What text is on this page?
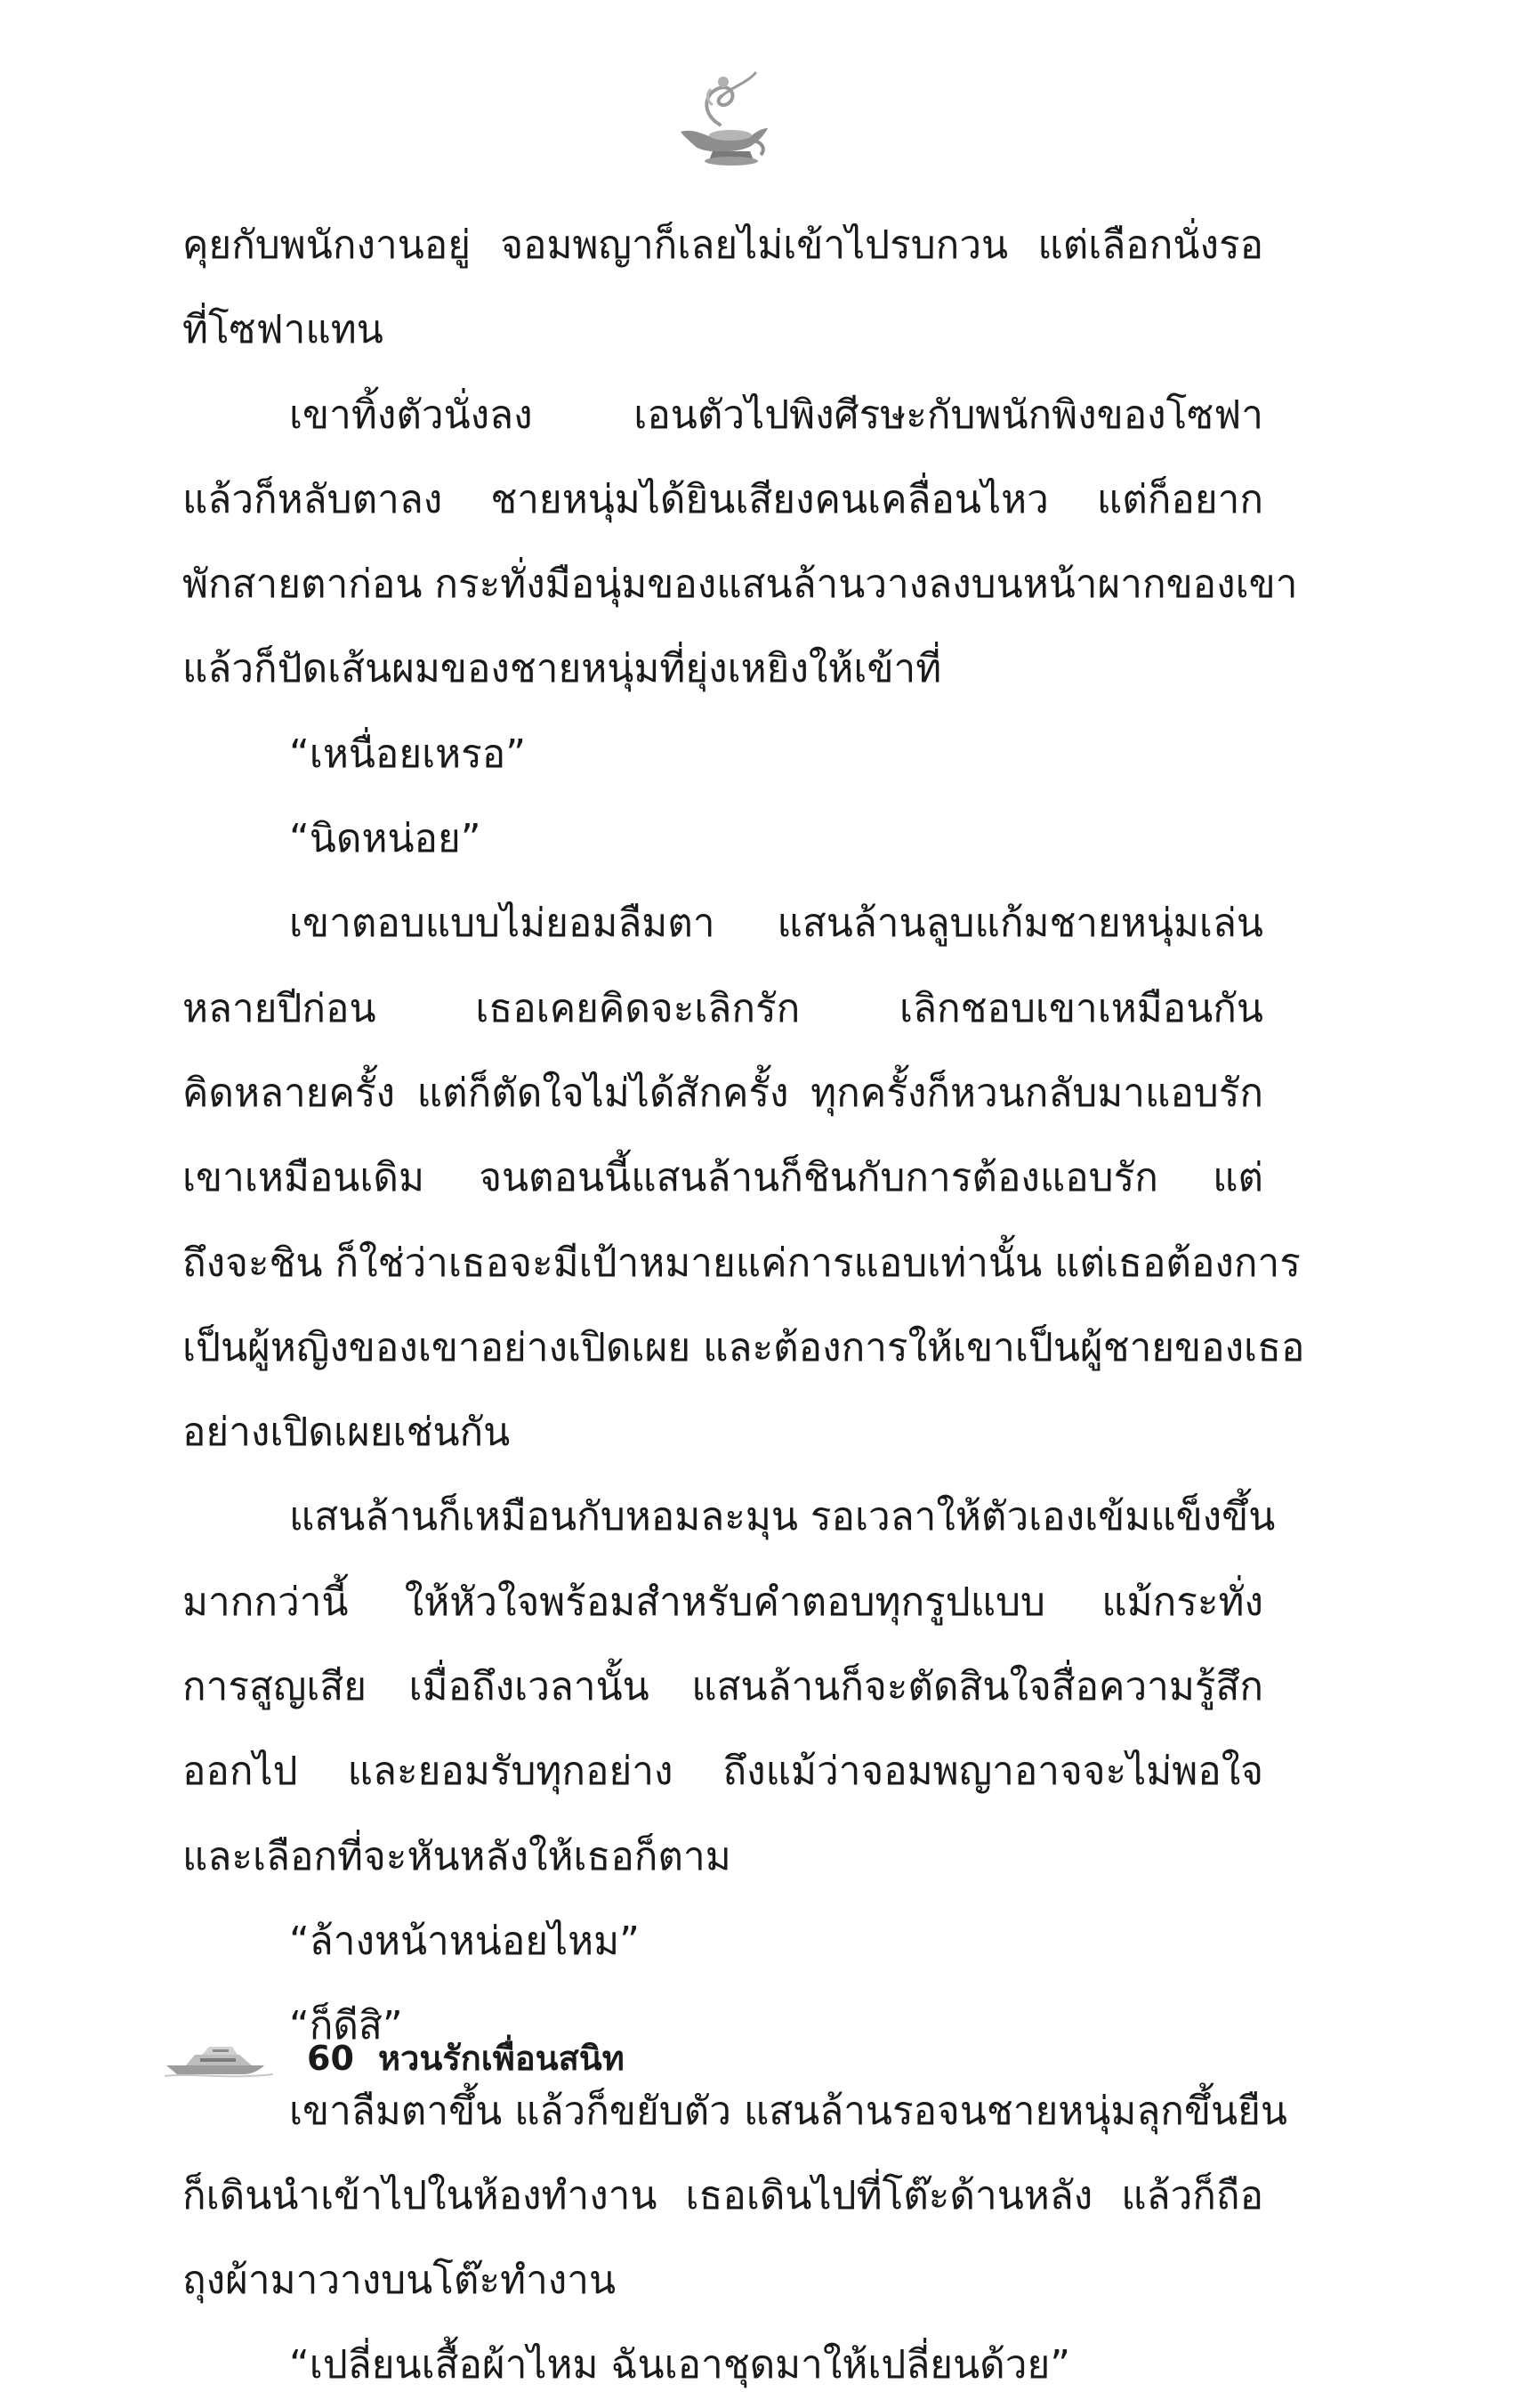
คุยกับพนักงานอยู่ จอมพญาก็เลยไม่เข้าไปรบกวน แต่เลือกนั่งรอ
ที่โซฟาแทน
เขาทิ้งตัวนั่งลง เอนตัวไปพิงศีรษะกับพนักพิงของโซฟา
แล้วก็หลับตาลง ชายหนุ่มได้ยินเสียงคนเคลื่อนไหว แต่ก็อยาก
พักสายตาก่อน กระทั่งมือนุ่มของแสนล้านวางลงบนหน้าผากของเขา
แล้วก็ปัดเส้นผมของชายหนุ่มที่ยุ่งเหยิงให้เข้าที่
“เหนื่อยเหรอ”
“นิดหน่อย”
เขาตอบแบบไม่ยอมลืมตา แสนล้านลูบแก้มชายหนุ่มเล่น
หลายปีก่อน เธอเคยคิดจะเลิกรัก เลิกชอบเขาเหมือนกัน
คิดหลายครั้ง แต่ก็ตัดใจไม่ได้สักครั้ง ทุกครั้งก็หวนกลับมาแอบรัก
เขาเหมือนเดิม จนตอนนี้แสนล้านก็ชินกับการต้องแอบรัก แต่
ถึงจะชิน ก็ใช่ว่าเธอจะมีเป้าหมายแค่การแอบเท่านั้น แต่เธอต้องการ
เป็นผู้หญิงของเขาอย่างเปิดเผย และต้องการให้เขาเป็นผู้ชายของเธอ
อย่างเปิดเผยเช่นกัน
แสนล้านก็เหมือนกับหอมละมุน รอเวลาให้ตัวเองเข้มแข็งขึ้น
มากกว่านี้ ให้หัวใจพร้อมสำหรับคำตอบทุกรูปแบบ แม้กระทั่ง
การสูญเสีย เมื่อถึงเวลานั้น แสนล้านก็จะตัดสินใจสื่อความรู้สึก
ออกไป และยอมรับทุกอย่าง ถึงแม้ว่าจอมพญาอาจจะไม่พอใจ
และเลือกที่จะหันหลังให้เธอก็ตาม
“ล้างหน้าหน่อยไหม”
“ก็ดีสิ”
เขาลืมตาขึ้น แล้วก็ขยับตัว แสนล้านรอจนชายหนุ่มลุกขึ้นยืน
ก็เดินนำเข้าไปในห้องทำงาน เธอเดินไปที่โต๊ะด้านหลัง แล้วก็ถือ
ถุงผ้ามาวางบนโต๊ะทำงาน
“เปลี่ยนเสื้อผ้าไหม ฉันเอาชุดมาให้เปลี่ยนด้วย”
60 หวนรักเพื่อนสนิท
